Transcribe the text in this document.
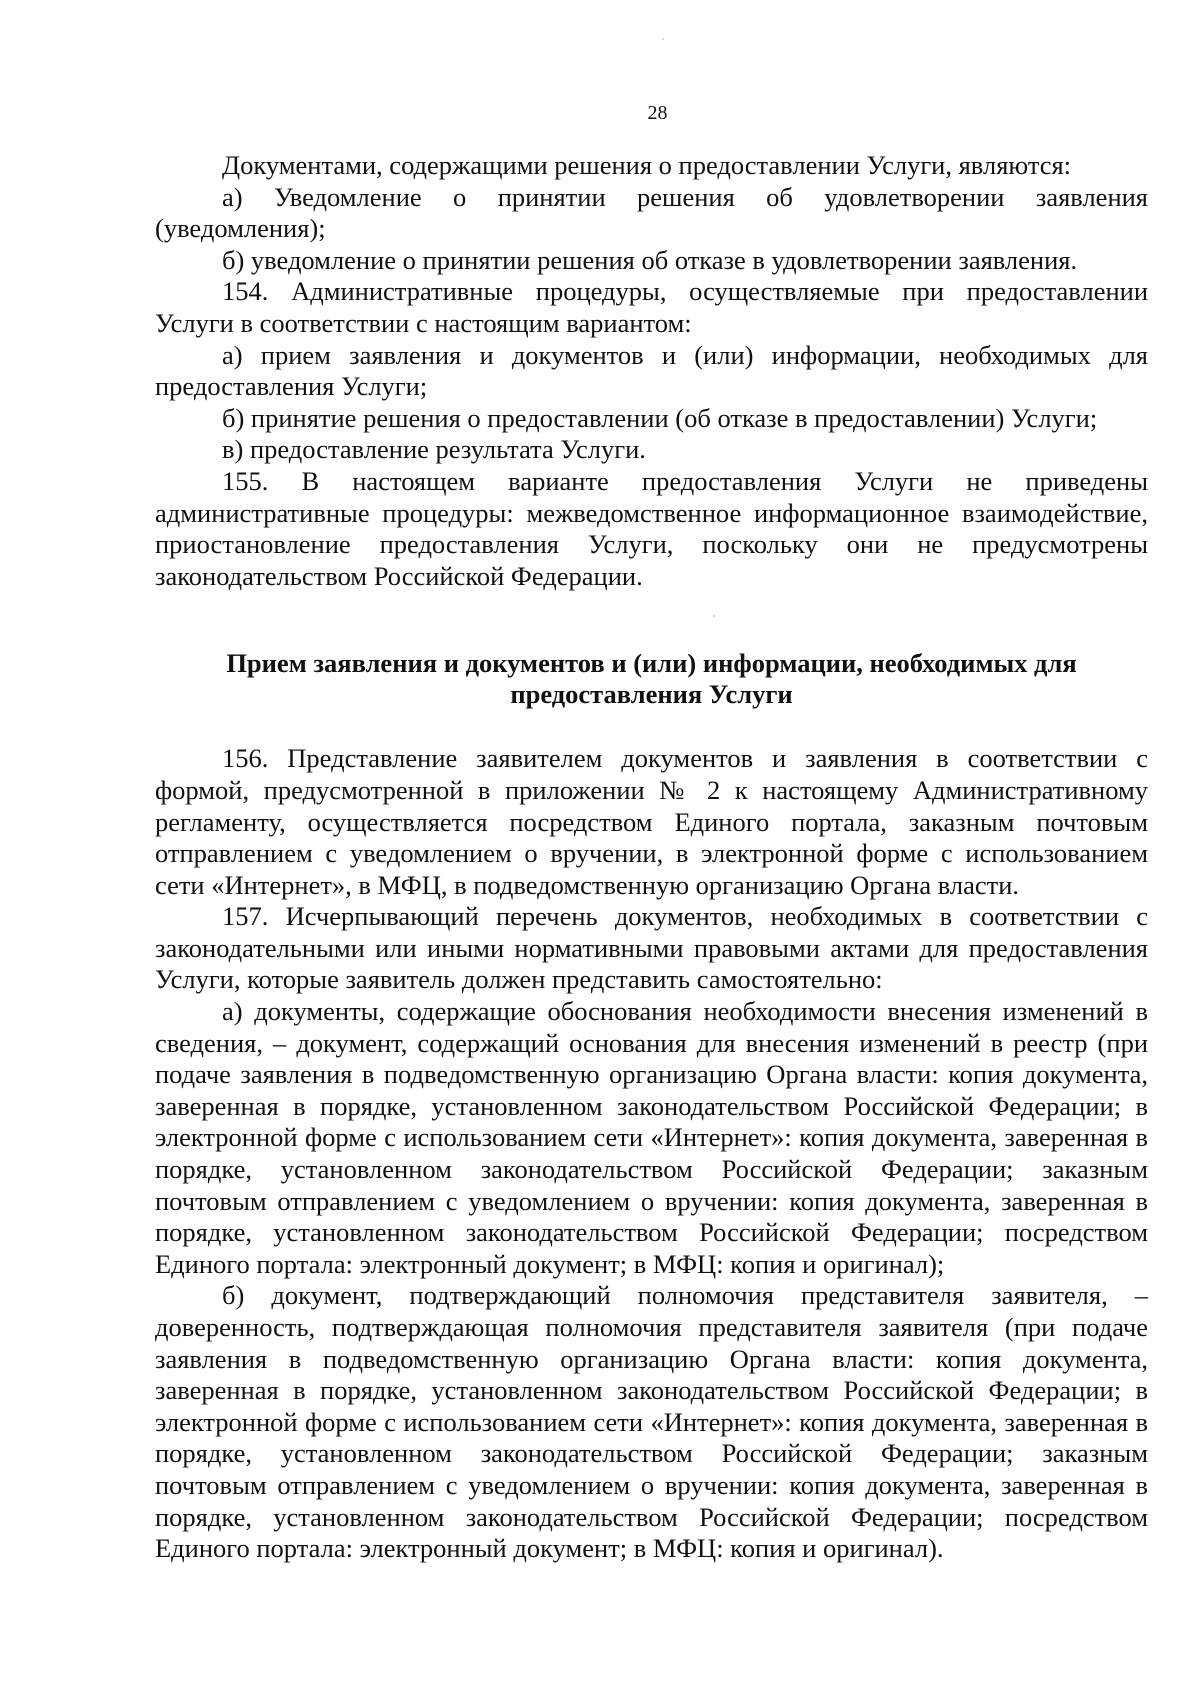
28

Документами, содержащими решения о предоставлении Услуги, являются:

а) Уведомление о принятии решения об удовлетворении заявления (уведомления);

б) уведомление о принятии решения об отказе в удовлетворении заявления.

154. Административные процедуры, осуществляемые при предоставлении Услуги в соответствии с настоящим вариантом:

а) прием заявления и документов и (или) информации, необходимых для предоставления Услуги;

б) принятие решения о предоставлении (об отказе в предоставлении) Услуги;

в) предоставление результата Услуги.

155. В настоящем варианте предоставления Услуги не приведены административные процедуры: межведомственное информационное взаимодействие, приостановление предоставления Услуги, поскольку они не предусмотрены законодательством Российской Федерации.

Прием заявления и документов и (или) информации, необходимых для предоставления Услуги

156. Представление заявителем документов и заявления в соответствии с формой, предусмотренной в приложении № 2 к настоящему Административному регламенту, осуществляется посредством Единого портала, заказным почтовым отправлением с уведомлением о вручении, в электронной форме с использованием сети «Интернет», в МФЦ, в подведомственную организацию Органа власти.

157. Исчерпывающий перечень документов, необходимых в соответствии с законодательными или иными нормативными правовыми актами для предоставления Услуги, которые заявитель должен представить самостоятельно:

а) документы, содержащие обоснования необходимости внесения изменений в сведения, – документ, содержащий основания для внесения изменений в реестр (при подаче заявления в подведомственную организацию Органа власти: копия документа, заверенная в порядке, установленном законодательством Российской Федерации; в электронной форме с использованием сети «Интернет»: копия документа, заверенная в порядке, установленном законодательством Российской Федерации; заказным почтовым отправлением с уведомлением о вручении: копия документа, заверенная в порядке, установленном законодательством Российской Федерации; посредством Единого портала: электронный документ; в МФЦ: копия и оригинал);

б) документ, подтверждающий полномочия представителя заявителя, – доверенность, подтверждающая полномочия представителя заявителя (при подаче заявления в подведомственную организацию Органа власти: копия документа, заверенная в порядке, установленном законодательством Российской Федерации; в электронной форме с использованием сети «Интернет»: копия документа, заверенная в порядке, установленном законодательством Российской Федерации; заказным почтовым отправлением с уведомлением о вручении: копия документа, заверенная в порядке, установленном законодательством Российской Федерации; посредством Единого портала: электронный документ; в МФЦ: копия и оригинал).
